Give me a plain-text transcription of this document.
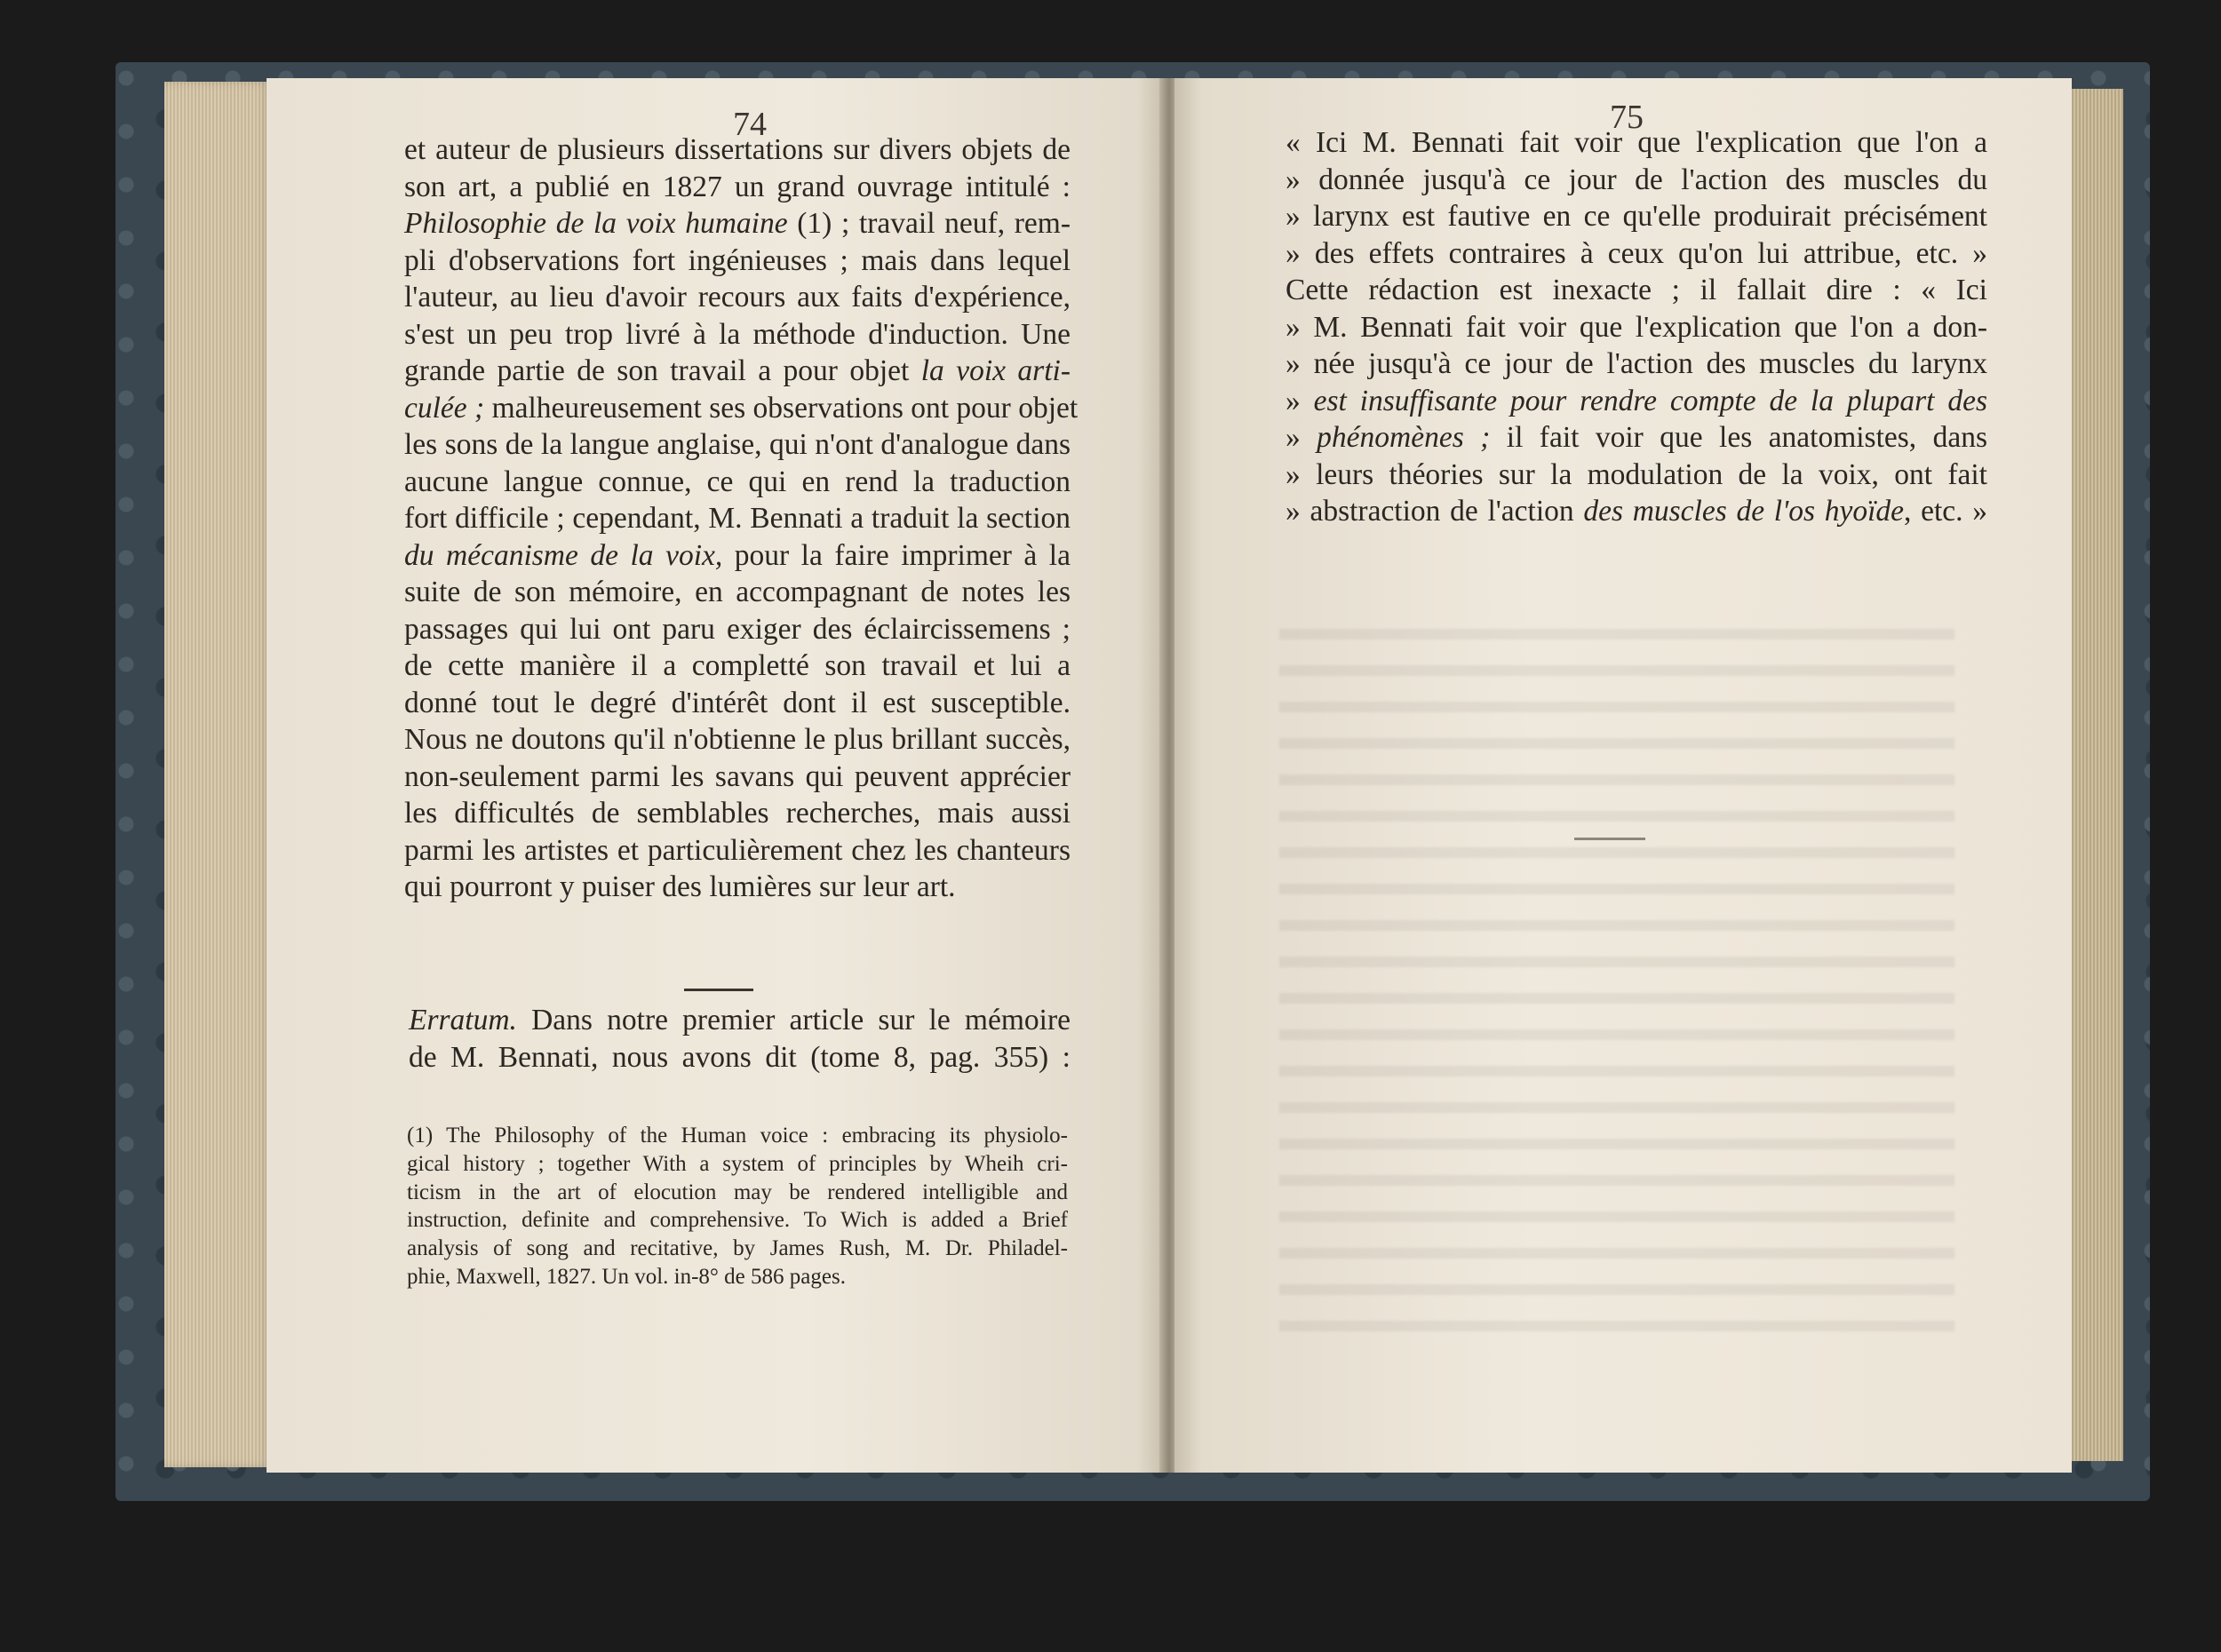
74
et auteur de plusieurs dissertations sur divers objets de
son art, a publié en 1827 un grand ouvrage intitulé :
Philosophie de la voix humaine (1) ; travail neuf, rem-
pli d'observations fort ingénieuses ; mais dans lequel
l'auteur, au lieu d'avoir recours aux faits d'expérience,
s'est un peu trop livré à la méthode d'induction. Une
grande partie de son travail a pour objet la voix arti-
culée ; malheureusement ses observations ont pour objet
les sons de la langue anglaise, qui n'ont d'analogue dans
aucune langue connue, ce qui en rend la traduction
fort difficile ; cependant, M. Bennati a traduit la section
du mécanisme de la voix, pour la faire imprimer à la
suite de son mémoire, en accompagnant de notes les
passages qui lui ont paru exiger des éclaircissemens ;
de cette manière il a completté son travail et lui a
donné tout le degré d'intérêt dont il est susceptible.
Nous ne doutons qu'il n'obtienne le plus brillant succès,
non-seulement parmi les savans qui peuvent apprécier
les difficultés de semblables recherches, mais aussi
parmi les artistes et particulièrement chez les chanteurs
qui pourront y puiser des lumières sur leur art.
Erratum. Dans notre premier article sur le mémoire
de M. Bennati, nous avons dit (tome 8, pag. 355) :
(1) The Philosophy of the Human voice : embracing its physiolo-
gical history ; together With a system of principles by Wheih cri-
ticism in the art of elocution may be rendered intelligible and
instruction, definite and comprehensive. To Wich is added a Brief
analysis of song and recitative, by James Rush, M. Dr. Philadel-
phie, Maxwell, 1827. Un vol. in-8° de 586 pages.
75
« Ici M. Bennati fait voir que l'explication que l'on a
» donnée jusqu'à ce jour de l'action des muscles du
» larynx est fautive en ce qu'elle produirait précisément
» des effets contraires à ceux qu'on lui attribue, etc. »
Cette rédaction est inexacte ; il fallait dire : « Ici
» M. Bennati fait voir que l'explication que l'on a don-
» née jusqu'à ce jour de l'action des muscles du larynx
» est insuffisante pour rendre compte de la plupart des
» phénomènes ; il fait voir que les anatomistes, dans
» leurs théories sur la modulation de la voix, ont fait
» abstraction de l'action des muscles de l'os hyoïde, etc. »
